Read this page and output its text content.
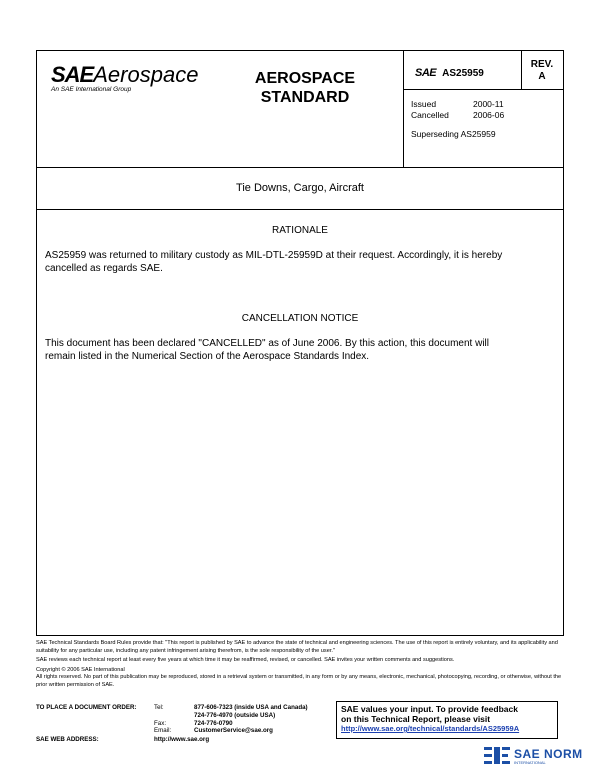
SAEAerospace
An SAE International Group
AEROSPACE
STANDARD
SAE AS25959
REV.
A
Issued	2000-11
Cancelled	2006-06
Superseding AS25959
Tie Downs, Cargo, Aircraft
RATIONALE
AS25959 was returned to military custody as MIL-DTL-25959D at their request. Accordingly, it is hereby
cancelled as regards SAE.
CANCELLATION NOTICE
This document has been declared "CANCELLED" as of June 2006. By this action, this document will
remain listed in the Numerical Section of the Aerospace Standards Index.

SAE Technical Standards Board Rules provide that: "This report is published by SAE to advance the state of technical and engineering sciences. The use of this report is entirely voluntary, and its applicability and suitability for any particular use, including any patent infringement arising therefrom, is the sole responsibility of the user."

SAE reviews each technical report at least every five years at which time it may be reaffirmed, revised, or cancelled. SAE invites your written comments and suggestions.

Copyright © 2006 SAE International

All rights reserved. No part of this publication may be reproduced, stored in a retrieval system or transmitted, in any form or by any means, electronic, mechanical, photocopying, recording, or otherwise, without the prior written permission of SAE.

TO PLACE A DOCUMENT ORDER:	Tel:	877-606-7323 (inside USA and Canada)
724-776-4970 (outside USA)
Fax:	724-776-0790
Email:	CustomerService@sae.org
SAE WEB ADDRESS:	http://www.sae.org
SAE values your input. To provide feedback
on this Technical Report, please visit
http://www.sae.org/technical/standards/AS25959A
SAE NORM
INTERNATIONAL
